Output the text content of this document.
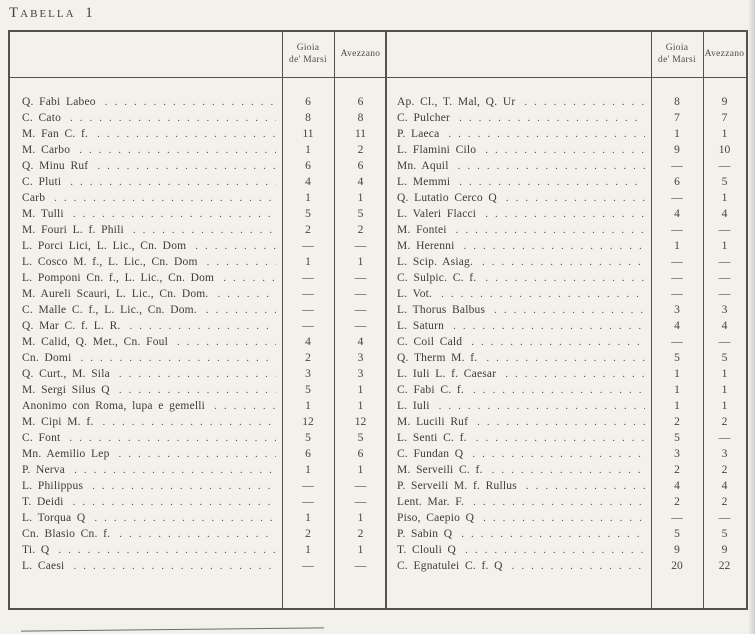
Tabella 1
Gioia
de' Marsi
Avezzano
Q. Fabi Labeo .....	6	6
C. Cato .....	8	8
M. Fan C. f. .....	11	11
M. Carbo .....	1	2
Q. Minu Ruf .....	6	6
C. Pluti .....	4	4
Carb .....	1	1
M. Tulli .....	5	5
M. Fouri L. f. Phili .....	2	2
L. Porci Lici, L. Lic., Cn. Dom .....	—	—
L. Cosco M. f., L. Lic., Cn. Dom .....	1	1
L. Pomponi Cn. f., L. Lic., Cn. Dom .....	—	—
M. Aureli Scauri, L. Lic., Cn. Dom. .....	—	—
C. Malle C. f., L. Lic., Cn. Dom. .....	—	—
Q. Mar C. f. L. R. .....	—	—
M. Calid, Q. Met., Cn. Foul .....	4	4
Cn. Domi .....	2	3
Q. Curt., M. Sila .....	3	3
M. Sergi Silus Q .....	5	1
Anonimo con Roma, lupa e gemelli .....	1	1
M. Cipi M. f. .....	12	12
C. Font .....	5	5
Mn. Aemilio Lep .....	6	6
P. Nerva .....	1	1
L. Philippus .....	—	—
T. Deidi .....	—	—
L. Torqua Q .....	1	1
Cn. Blasio Cn. f. .....	2	2
Ti. Q .....	1	1
L. Caesi .....	—	—
Gioia
de' Marsi
Avezzano
Ap. Cl., T. Mal, Q. Ur .....	8	9
C. Pulcher .....	7	7
P. Laeca .....	1	1
L. Flamini Cilo .....	9	10
Mn. Aquil .....	—	—
L. Memmi .....	6	5
Q. Lutatio Cerco Q .....	—	1
L. Valeri Flacci .....	4	4
M. Fontei .....	—	—
M. Herenni .....	1	1
L. Scip. Asiag. .....	—	—
C. Sulpic. C. f. .....	—	—
L. Vot. .....	—	—
L. Thorus Balbus .....	3	3
L. Saturn .....	4	4
C. Coil Cald .....	—	—
Q. Therm M. f. .....	5	5
L. Iuli L. f. Caesar .....	1	1
C. Fabi C. f. .....	1	1
L. Iuli .....	1	1
M. Lucili Ruf .....	2	2
L. Senti C. f. .....	5	—
C. Fundan Q .....	3	3
M. Serveili C. f. .....	2	2
P. Serveili M. f. Rullus .....	4	4
Lent. Mar. F. .....	2	2
Piso, Caepio Q .....	—	—
P. Sabin Q .....	5	5
T. Clouli Q .....	9	9
C. Egnatulei C. f. Q .....	20	22
